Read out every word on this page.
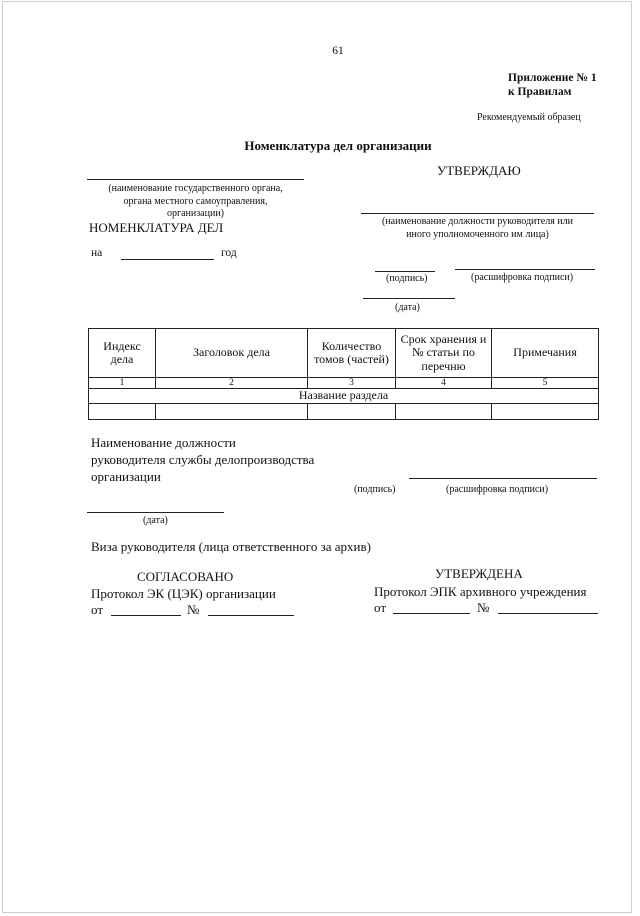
61
Приложение № 1
к Правилам
Рекомендуемый образец
Номенклатура дел организации
УТВЕРЖДАЮ
(наименование должности руководителя или
иного уполномоченного им лица)
(подпись)	(расшифровка подписи)
(дата)
(наименование государственного органа,
органа местного самоуправления,
организации)
НОМЕНКЛАТУРА ДЕЛ
на	год
Индекс дела	Заголовок дела	Количество томов (частей)	Срок хранения и № статьи по перечню	Примечания
1	2	3	4	5
Название раздела				

Наименование должности
руководителя службы делопроизводства
организации
(подпись)	(расшифровка подписи)
(дата)
Виза руководителя (лица ответственного за архив)
СОГЛАСОВАНО
Протокол ЭК (ЦЭК) организации
от	№
УТВЕРЖДЕНА
Протокол ЭПК архивного учреждения
от	№
